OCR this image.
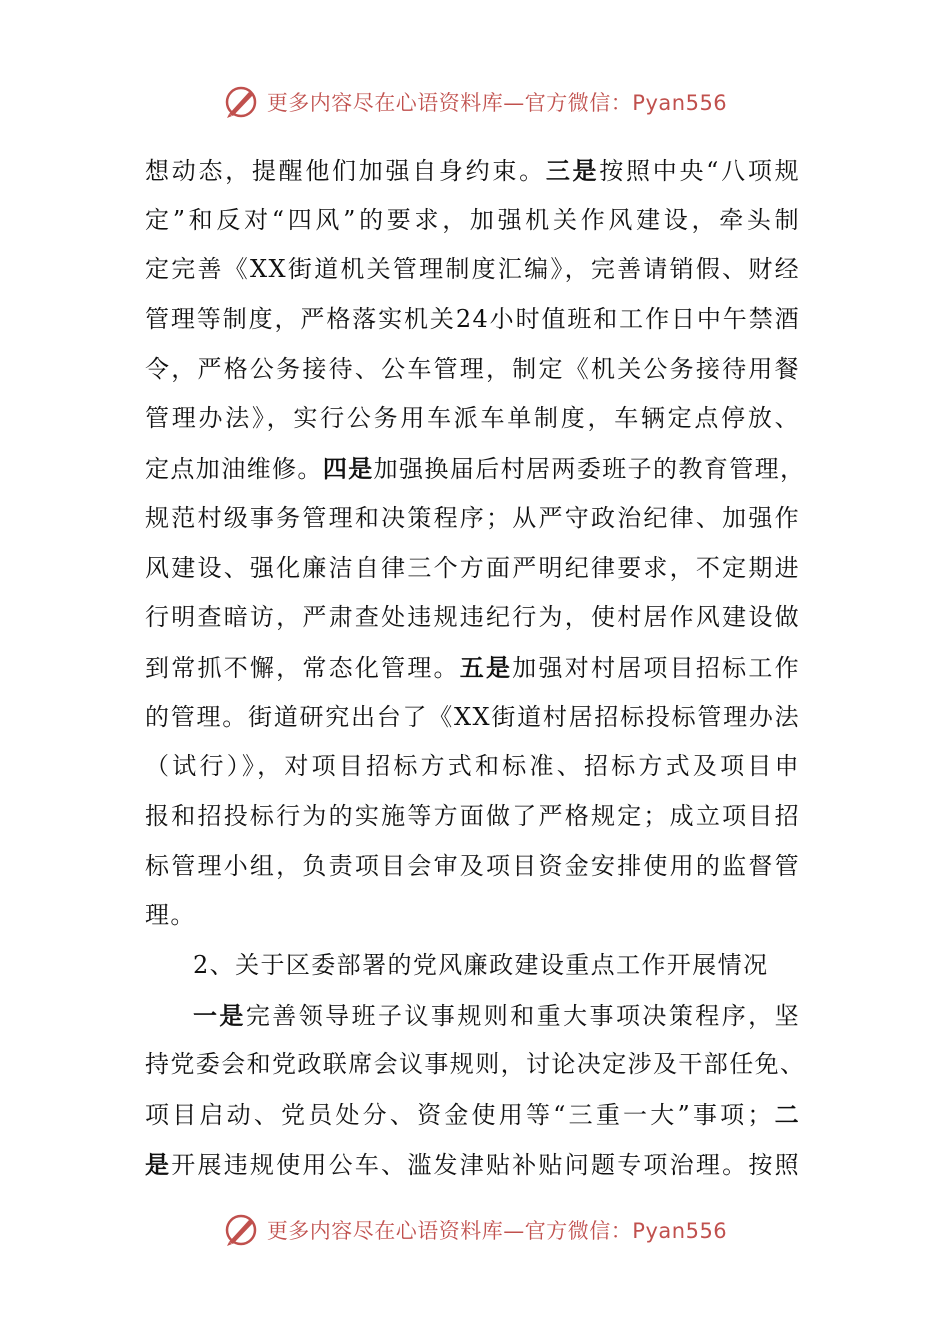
更多内容尽在心语资料库—官方微信：Pyan556
想动态，提醒他们加强自身约束。三是按照中央“八项规
定”和反对“四风”的要求，加强机关作风建设，牵头制
定完善《XX街道机关管理制度汇编》，完善请销假、财经
管理等制度，严格落实机关24小时值班和工作日中午禁酒
令，严格公务接待、公车管理，制定《机关公务接待用餐
管理办法》，实行公务用车派车单制度，车辆定点停放、
定点加油维修。四是加强换届后村居两委班子的教育管理，
规范村级事务管理和决策程序；从严守政治纪律、加强作
风建设、强化廉洁自律三个方面严明纪律要求，不定期进
行明查暗访，严肃查处违规违纪行为，使村居作风建设做
到常抓不懈，常态化管理。五是加强对村居项目招标工作
的管理。街道研究出台了《XX街道村居招标投标管理办法
（试行）》，对项目招标方式和标准、招标方式及项目申
报和招投标行为的实施等方面做了严格规定；成立项目招
标管理小组，负责项目会审及项目资金安排使用的监督管
理。
2、关于区委部署的党风廉政建设重点工作开展情况
一是完善领导班子议事规则和重大事项决策程序，坚
持党委会和党政联席会议事规则，讨论决定涉及干部任免、
项目启动、党员处分、资金使用等“三重一大”事项；二
是开展违规使用公车、滥发津贴补贴问题专项治理。按照
更多内容尽在心语资料库—官方微信：Pyan556
